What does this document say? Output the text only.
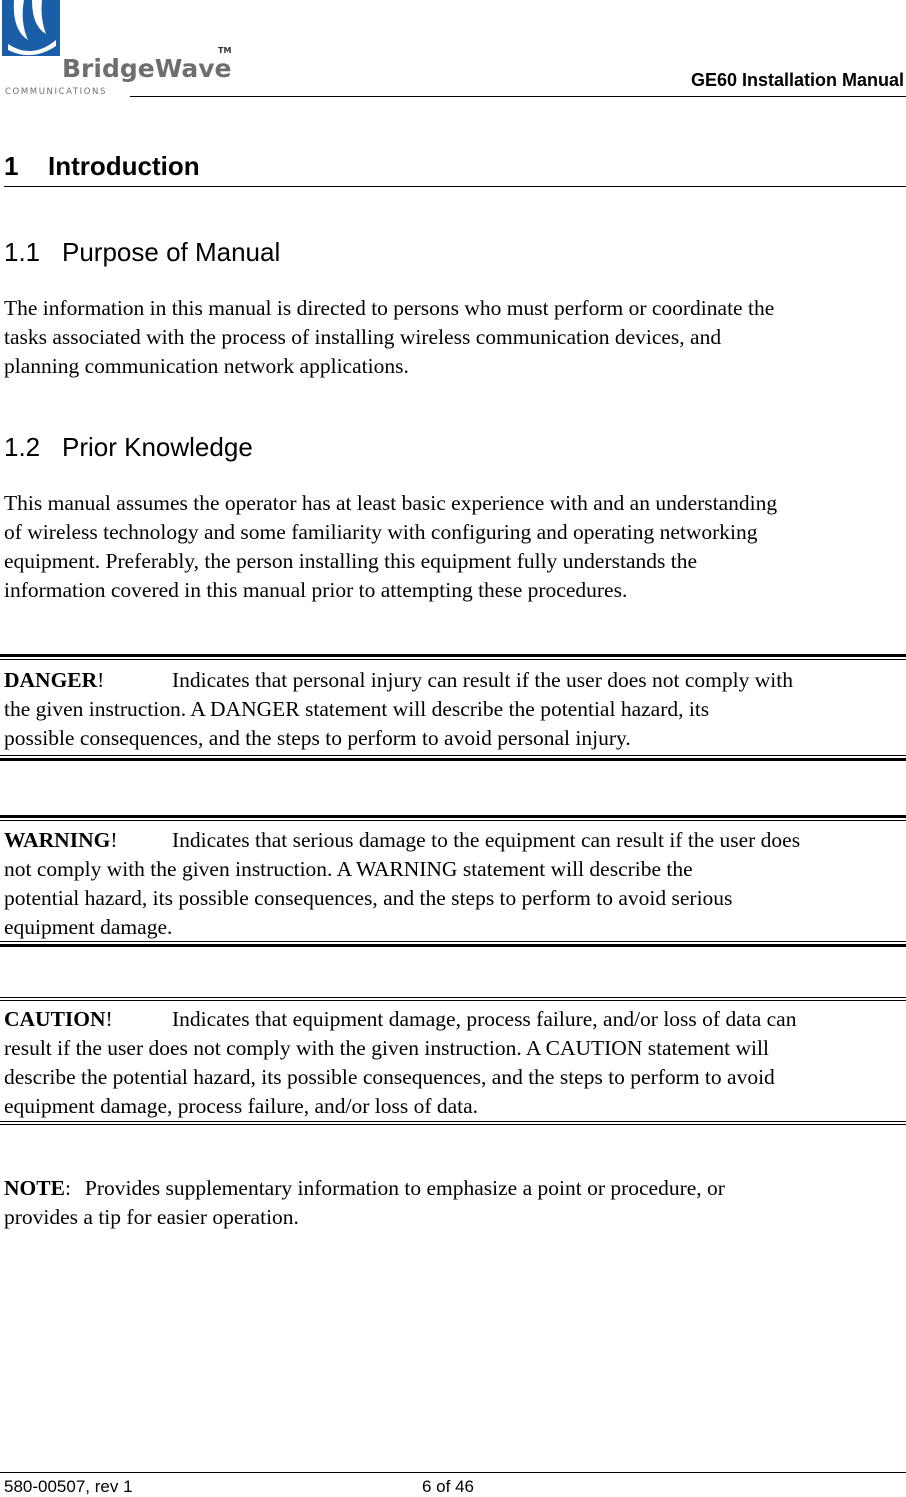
BridgeWave
TM
COMMUNICATIONS
GE60 Installation Manual
1 Introduction
1.1 Purpose of Manual

The information in this manual is directed to persons who must perform or coordinate the

tasks associated with the process of installing wireless communication devices, and

planning communication network applications.

1.2 Prior Knowledge

This manual assumes the operator has at least basic experience with and an understanding

of wireless technology and some familiarity with configuring and operating networking

equipment. Preferably, the person installing this equipment fully understands the

information covered in this manual prior to attempting these procedures.

DANGER!	Indicates that personal injury can result if the user does not comply with

the given instruction. A DANGER statement will describe the potential hazard, its

possible consequences, and the steps to perform to avoid personal injury.

WARNING!	Indicates that serious damage to the equipment can result if the user does

not comply with the given instruction. A WARNING statement will describe the

potential hazard, its possible consequences, and the steps to perform to avoid serious

equipment damage.

CAUTION!	Indicates that equipment damage, process failure, and/or loss of data can

result if the user does not comply with the given instruction. A CAUTION statement will

describe the potential hazard, its possible consequences, and the steps to perform to avoid

equipment damage, process failure, and/or loss of data.

NOTE: Provides supplementary information to emphasize a point or procedure, or

provides a tip for easier operation.

580-00507, rev 1	6 of 46
